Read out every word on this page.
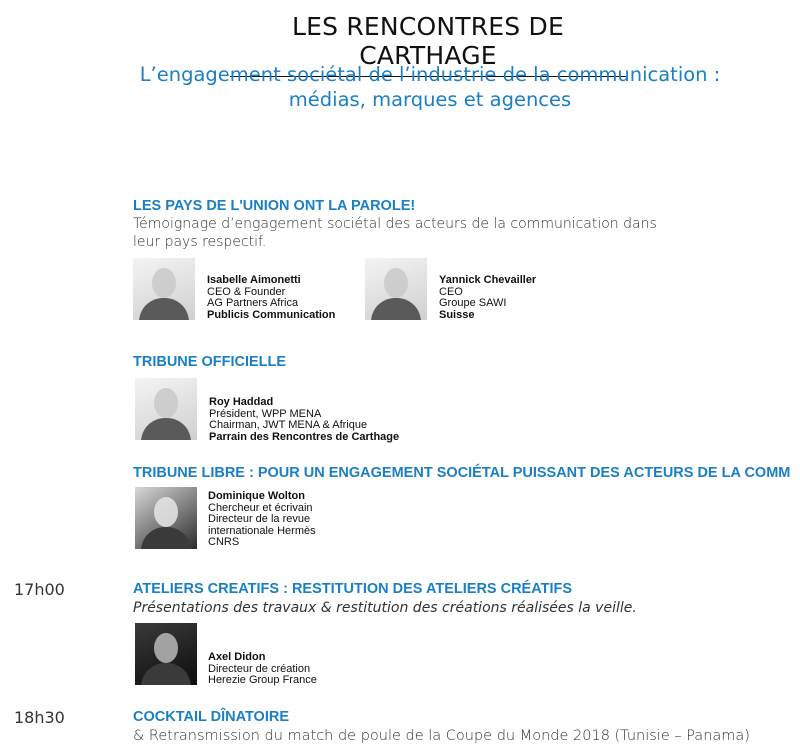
LES RENCONTRES DE CARTHAGE
L’engagement sociétal de l’industrie de la communication :
médias, marques et agences
LES PAYS DE L'UNION ONT LA PAROLE!
Témoignage d’engagement sociétal des acteurs de la communication dans
leur pays respectif.
Isabelle Aimonetti
CEO & Founder
AG Partners Africa
Publicis Communication
Yannick Chevailler
CEO
Groupe SAWI
Suisse
TRIBUNE OFFICIELLE
Roy Haddad
Président, WPP MENA
Chairman, JWT MENA & Afrique
Parrain des Rencontres de Carthage
TRIBUNE LIBRE : POUR UN ENGAGEMENT SOCIÉTAL PUISSANT DES ACTEURS DE LA COMM
Dominique Wolton
Chercheur et écrivain
Directeur de la revue
internationale Hermès
CNRS
17h00	ATELIERS CREATIFS : RESTITUTION DES ATELIERS CRÉATIFS
Présentations des travaux & restitution des créations réalisées la veille.
Axel Didon
Directeur de création
Herezie Group France
18h30	COCKTAIL DÎNATOIRE
& Retransmission du match de poule de la Coupe du Monde 2018 (Tunisie – Panama)
